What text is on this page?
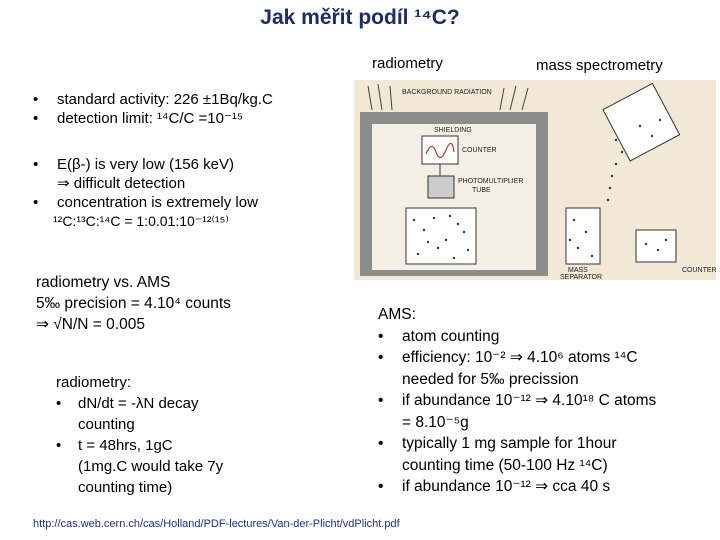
Jak měřit podíl ¹⁴C?
radiometry	mass spectrometry
•	standard activity: 226 ±1Bq/kg.C
•	detection limit: ¹⁴C/C =10⁻¹⁵
•	E(β-) is very low (156 keV)
⇒ difficult detection
•	concentration is extremely low
¹²C:¹³C:¹⁴C = 1:0.01:10⁻¹²⁽¹⁵⁾
radiometry vs. AMS
5‰ precision = 4.10⁴ counts
⇒ √N/N = 0.005
radiometry:
•	dN/dt = -λN decay
counting
•	t = 48hrs, 1gC
(1mg.C would take 7y
counting time)
AMS:
•	atom counting
•	efficiency: 10⁻² ⇒ 4.10⁶ atoms ¹⁴C
needed for 5‰ precission
•	if abundance 10⁻¹² ⇒ 4.10¹⁸ C atoms
= 8.10⁻⁵g
•	typically 1 mg sample for 1hour
counting time (50-100 Hz ¹⁴C)
•	if abundance 10⁻¹² ⇒ cca 40 s
BACKGROUND RADIATION
SHIELDING
COUNTER
PHOTOMULTIPLIER
TUBE
MASS
SEPARATOR
COUNTER
http://cas.web.cern.ch/cas/Holland/PDF-lectures/Van-der-Plicht/vdPlicht.pdf
